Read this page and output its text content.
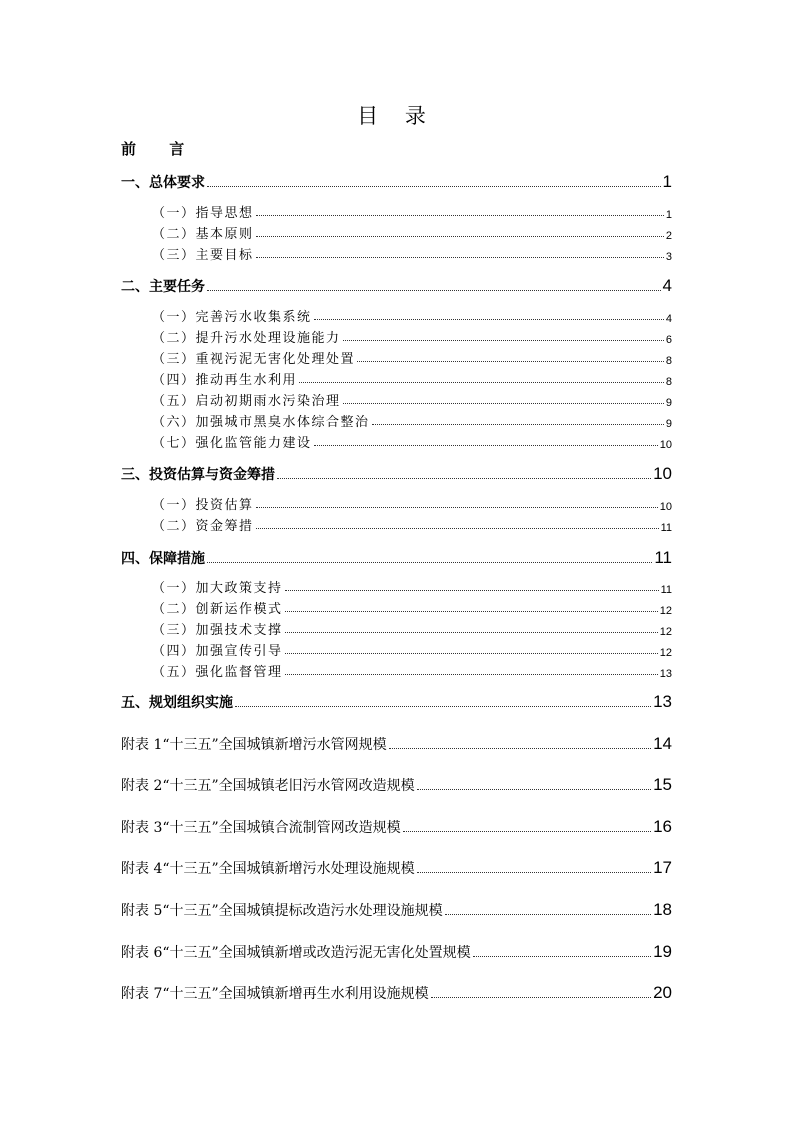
目 录
前 言
一、总体要求	1
（一）指导思想	1
（二）基本原则	2
（三）主要目标	3
二、主要任务	4
（一）完善污水收集系统	4
（二）提升污水处理设施能力	6
（三）重视污泥无害化处理处置	8
（四）推动再生水利用	8
（五）启动初期雨水污染治理	9
（六）加强城市黑臭水体综合整治	9
（七）强化监管能力建设	10
三、投资估算与资金筹措	10
（一）投资估算	10
（二）资金筹措	11
四、保障措施	11
（一）加大政策支持	11
（二）创新运作模式	12
（三）加强技术支撑	12
（四）加强宣传引导	12
（五）强化监督管理	13
五、规划组织实施	13
附表 1“十三五”全国城镇新增污水管网规模	14
附表 2“十三五”全国城镇老旧污水管网改造规模	15
附表 3“十三五”全国城镇合流制管网改造规模	16
附表 4“十三五”全国城镇新增污水处理设施规模	17
附表 5“十三五”全国城镇提标改造污水处理设施规模	18
附表 6“十三五”全国城镇新增或改造污泥无害化处置规模	19
附表 7“十三五”全国城镇新增再生水利用设施规模	20
